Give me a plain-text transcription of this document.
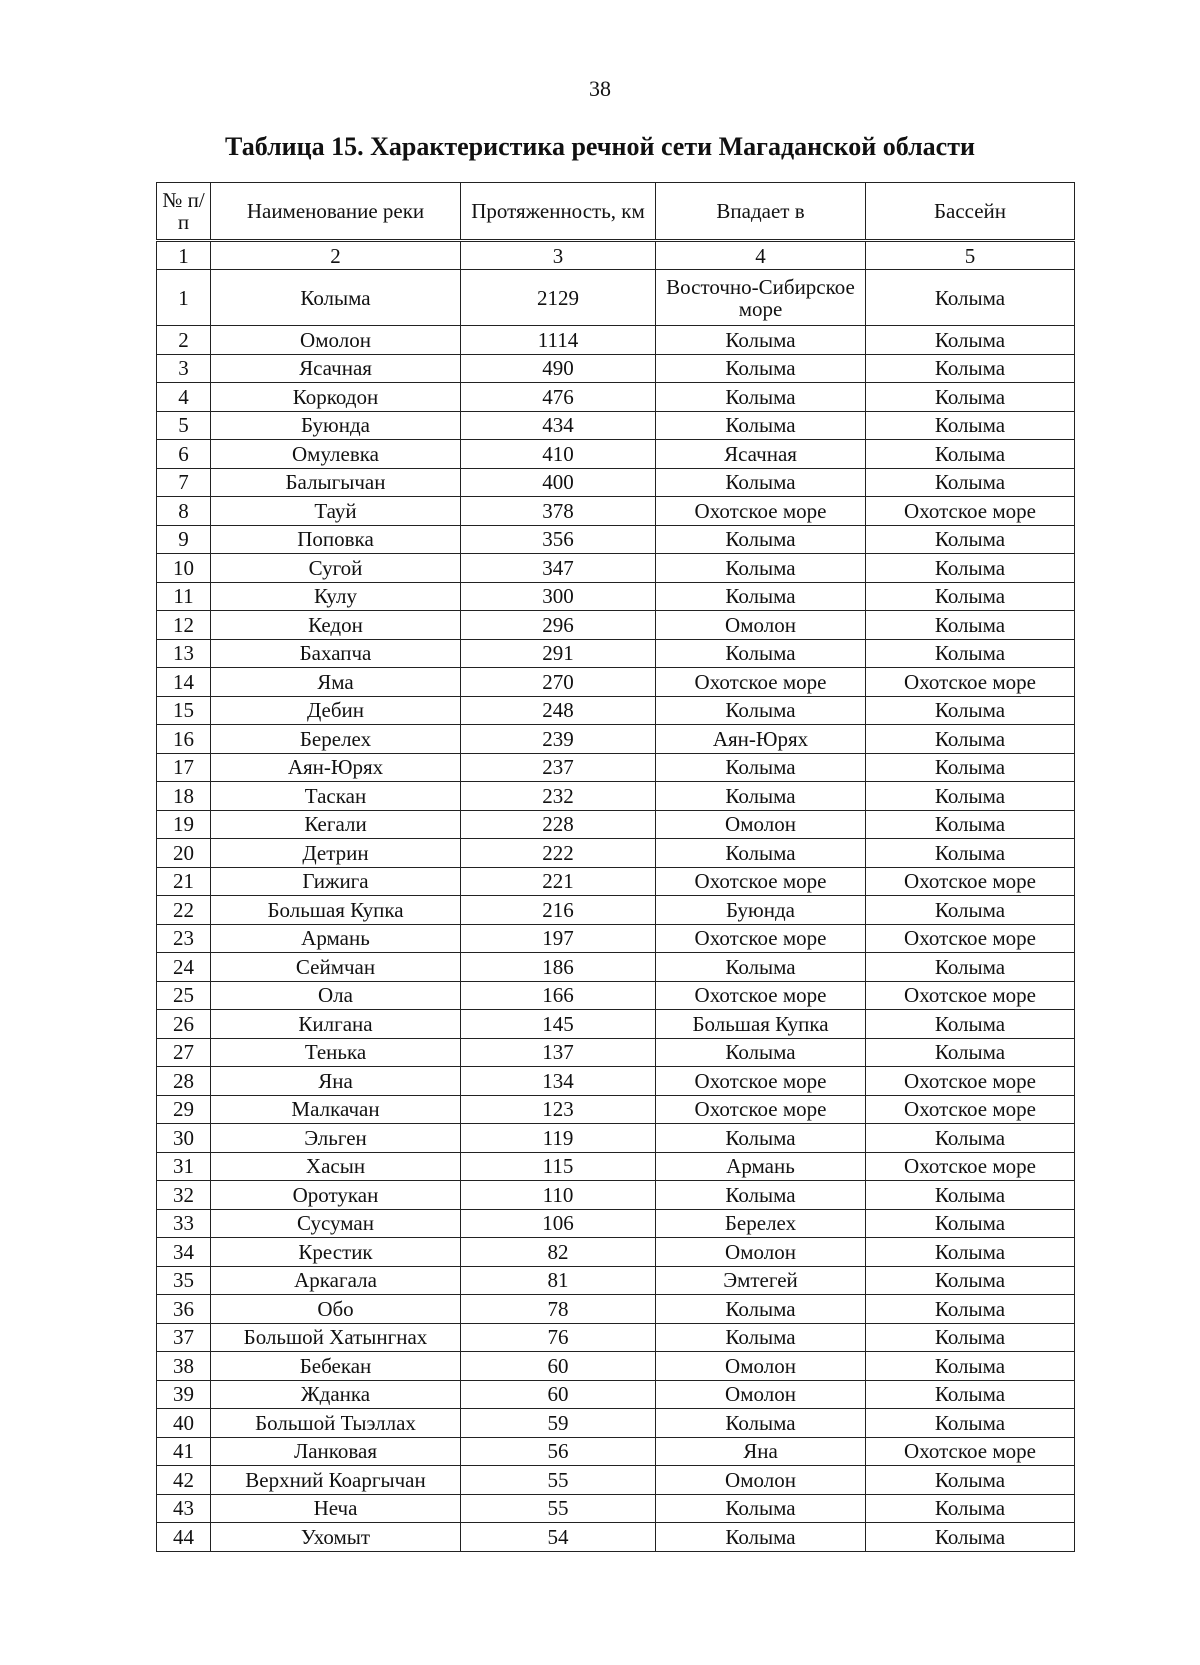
38
Таблица 15. Характеристика речной сети Магаданской области
№ п/п	Наименование реки	Протяженность, км	Впадает в	Бассейн
1	2	3	4	5
1	Колыма	2129	Восточно-Сибирское море	Колыма
2	Омолон	1114	Колыма	Колыма
3	Ясачная	490	Колыма	Колыма
4	Коркодон	476	Колыма	Колыма
5	Буюнда	434	Колыма	Колыма
6	Омулевка	410	Ясачная	Колыма
7	Балыгычан	400	Колыма	Колыма
8	Тауй	378	Охотское море	Охотское море
9	Поповка	356	Колыма	Колыма
10	Сугой	347	Колыма	Колыма
11	Кулу	300	Колыма	Колыма
12	Кедон	296	Омолон	Колыма
13	Бахапча	291	Колыма	Колыма
14	Яма	270	Охотское море	Охотское море
15	Дебин	248	Колыма	Колыма
16	Берелех	239	Аян-Юрях	Колыма
17	Аян-Юрях	237	Колыма	Колыма
18	Таскан	232	Колыма	Колыма
19	Кегали	228	Омолон	Колыма
20	Детрин	222	Колыма	Колыма
21	Гижига	221	Охотское море	Охотское море
22	Большая Купка	216	Буюнда	Колыма
23	Армань	197	Охотское море	Охотское море
24	Сеймчан	186	Колыма	Колыма
25	Ола	166	Охотское море	Охотское море
26	Килгана	145	Большая Купка	Колыма
27	Тенька	137	Колыма	Колыма
28	Яна	134	Охотское море	Охотское море
29	Малкачан	123	Охотское море	Охотское море
30	Эльген	119	Колыма	Колыма
31	Хасын	115	Армань	Охотское море
32	Оротукан	110	Колыма	Колыма
33	Сусуман	106	Берелех	Колыма
34	Крестик	82	Омолон	Колыма
35	Аркагала	81	Эмтегей	Колыма
36	Обо	78	Колыма	Колыма
37	Большой Хатынгнах	76	Колыма	Колыма
38	Бебекан	60	Омолон	Колыма
39	Жданка	60	Омолон	Колыма
40	Большой Тыэллах	59	Колыма	Колыма
41	Ланковая	56	Яна	Охотское море
42	Верхний Коаргычан	55	Омолон	Колыма
43	Неча	55	Колыма	Колыма
44	Ухомыт	54	Колыма	Колыма
